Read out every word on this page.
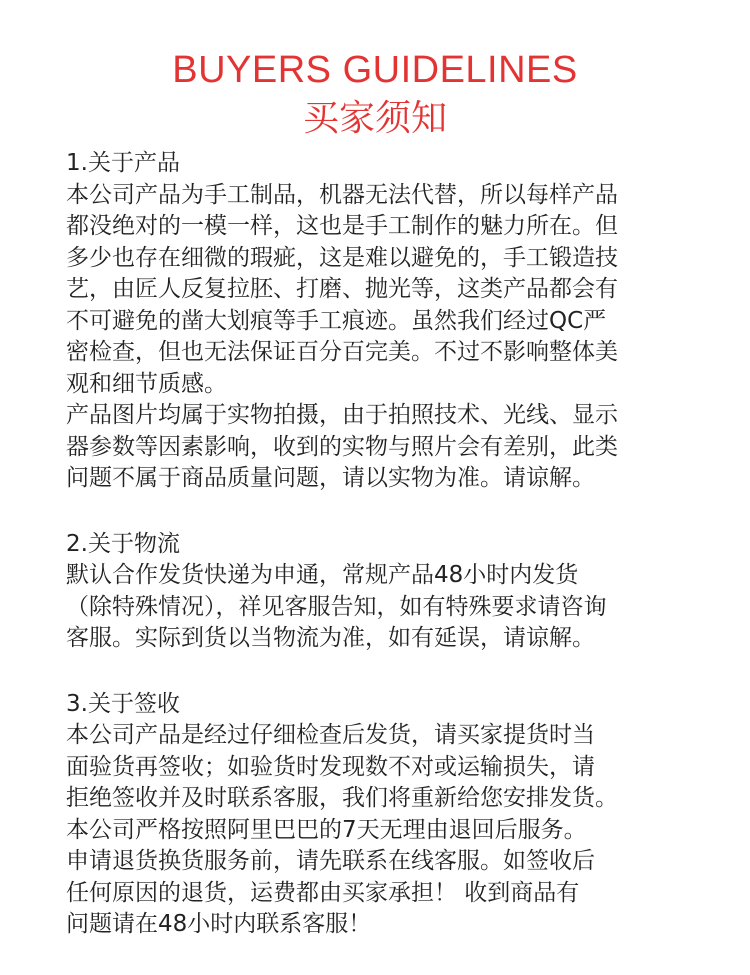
BUYERS GUIDELINES
买家须知

1.关于产品

本公司产品为手工制品，机器无法代替，所以每样产品

都没绝对的一模一样，这也是手工制作的魅力所在。但

多少也存在细微的瑕疵，这是难以避免的，手工锻造技

艺，由匠人反复拉胚、打磨、抛光等，这类产品都会有

不可避免的凿大划痕等手工痕迹。虽然我们经过QC严

密检查，但也无法保证百分百完美。不过不影响整体美

观和细节质感。

产品图片均属于实物拍摄，由于拍照技术、光线、显示

器参数等因素影响，收到的实物与照片会有差别，此类

问题不属于商品质量问题，请以实物为准。请谅解。

2.关于物流

默认合作发货快递为申通，常规产品48小时内发货

（除特殊情况），祥见客服告知，如有特殊要求请咨询

客服。实际到货以当物流为准，如有延误，请谅解。

3.关于签收

本公司产品是经过仔细检查后发货，请买家提货时当

面验货再签收；如验货时发现数不对或运输损失，请

拒绝签收并及时联系客服，我们将重新给您安排发货。

本公司严格按照阿里巴巴的7天无理由退回后服务。

申请退货换货服务前，请先联系在线客服。如签收后

任何原因的退货，运费都由买家承担！ 收到商品有

问题请在48小时内联系客服！
